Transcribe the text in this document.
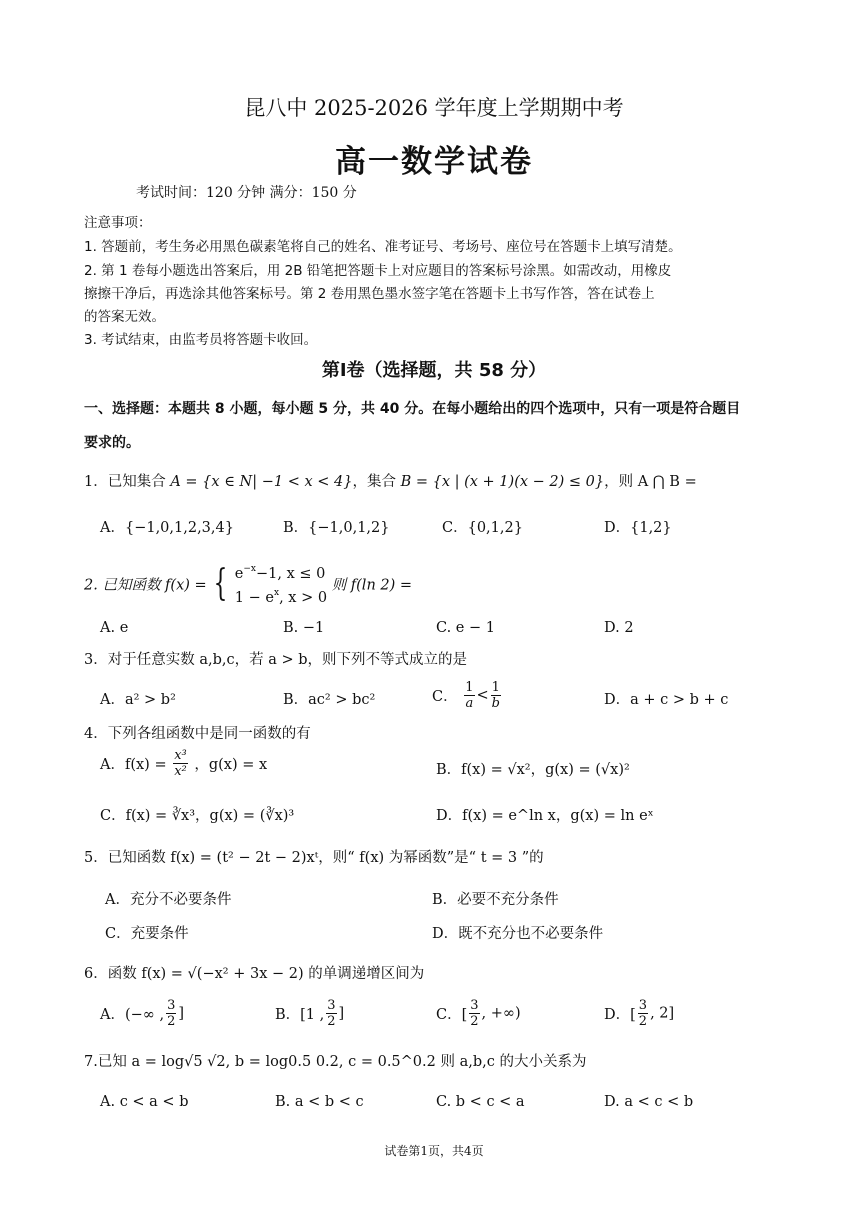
昆八中 2025-2026 学年度上学期期中考
高一数学试卷
考试时间：120 分钟 满分：150 分
注意事项：
1. 答题前，考生务必用黑色碳素笔将自己的姓名、准考证号、考场号、座位号在答题卡上填写清楚。
2. 第 1 卷每小题选出答案后，用 2B 铅笔把答题卡上对应题目的答案标号涂黑。如需改动，用橡皮
擦擦干净后，再选涂其他答案标号。第 2 卷用黑色墨水签字笔在答题卡上书写作答，答在试卷上
的答案无效。
3. 考试结束，由监考员将答题卡收回。
第Ⅰ卷（选择题，共 58 分）
一、选择题：本题共 8 小题，每小题 5 分，共 40 分。在每小题给出的四个选项中，只有一项是符合题目
要求的。
1．已知集合 A = {x ∈ N| −1 < x < 4}，集合 B = {x | (x + 1)(x − 2) ≤ 0}，则 A ⋂ B =
A．{−1,0,1,2,3,4}	B．{−1,0,1,2}	C．{0,1,2}	D．{1,2}
2. 已知函数 f(x) = { $e^{-x}-1$, x ≤ 0
$1 - e^x$, x > 0
则 f(ln 2) =
A. e	B. −1	C. e − 1	D. 2
3．对于任意实数 a,b,c，若 a > b，则下列不等式成立的是
A．a² > b²	B．ac² > bc²	C． $\frac{1}{a} < \frac{1}{b}$	D．a + c > b + c
4．下列各组函数中是同一函数的有
A．$f(x) = \frac{\text{x³}}{\text{x²}}$ ，g(x) = x	B．f(x) = √x²，g(x) = (√x)²
C．f(x) = ∛x³，g(x) = (∛x)³	D．f(x) = e^ln x，g(x) = ln eˣ
5．已知函数 f(x) = (t² − 2t − 2)xᵗ，则“ f(x) 为幂函数”是“ t = 3 ”的
A．充分不必要条件	B．必要不充分条件
C．充要条件	D．既不充分也不必要条件
6．函数 f(x) = √(−x² + 3x − 2) 的单调递增区间为
A．(−∞ , $\frac{3}{2}$ ]	B．[1 , $\frac{3}{2}$ ]	C．[ $\frac{3}{2}$ , +∞)	D．[ $\frac{3}{2}$ , 2]
7.已知 a = log√5 √2, b = log0.5 0.2, c = 0.5^0.2 则 a,b,c 的大小关系为
A. c < a < b	B. a < b < c	C. b < c < a	D. a < c < b
试卷第1页，共4页
